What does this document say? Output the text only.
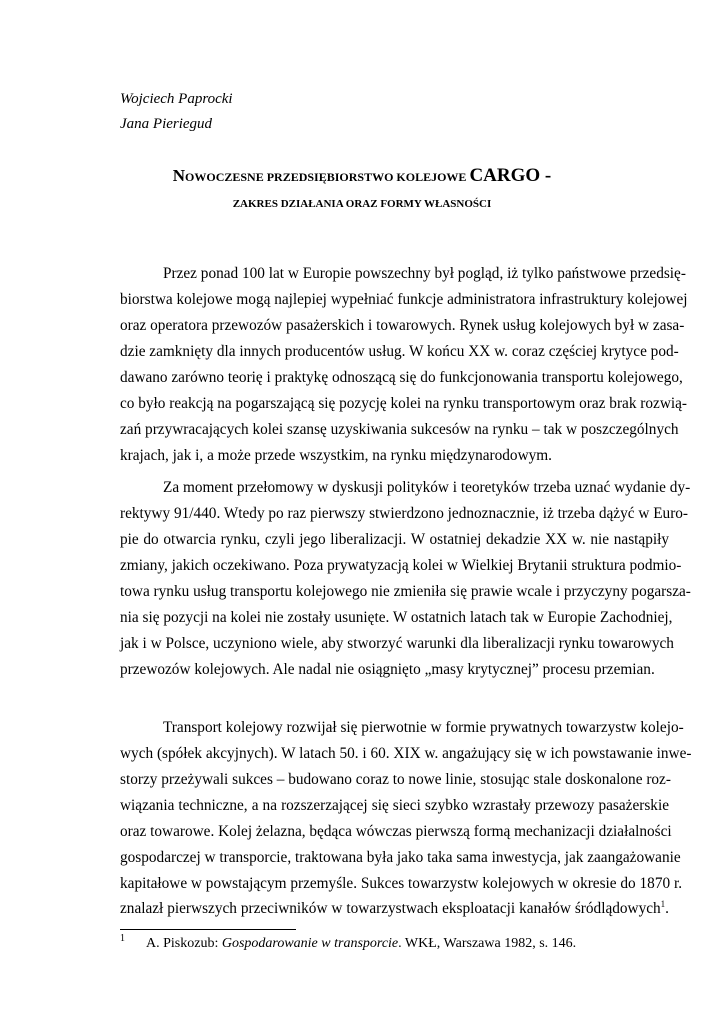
Wojciech Paprocki
Jana Pieriegud
NOWOCZESNE PRZEDSIĘBIORSTWO KOLEJOWE CARGO -
ZAKRES DZIAŁANIA ORAZ FORMY WŁASNOŚCI
Przez ponad 100 lat w Europie powszechny był pogląd, iż tylko państwowe przedsię-
biorstwa kolejowe mogą najlepiej wypełniać funkcje administratora infrastruktury kolejowej
oraz operatora przewozów pasażerskich i towarowych. Rynek usług kolejowych był w zasa-
dzie zamknięty dla innych producentów usług. W końcu XX w. coraz częściej krytyce pod-
dawano zarówno teorię i praktykę odnoszącą się do funkcjonowania transportu kolejowego,
co było reakcją na pogarszającą się pozycję kolei na rynku transportowym oraz brak rozwią-
zań przywracających kolei szansę uzyskiwania sukcesów na rynku – tak w poszczególnych
krajach, jak i, a może przede wszystkim, na rynku międzynarodowym.
Za moment przełomowy w dyskusji polityków i teoretyków trzeba uznać wydanie dy-
rektywy 91/440. Wtedy po raz pierwszy stwierdzono jednoznacznie, iż trzeba dążyć w Euro-
pie do otwarcia rynku, czyli jego liberalizacji. W ostatniej dekadzie XX w. nie nastąpiły
zmiany, jakich oczekiwano. Poza prywatyzacją kolei w Wielkiej Brytanii struktura podmio-
towa rynku usług transportu kolejowego nie zmieniła się prawie wcale i przyczyny pogarsza-
nia się pozycji na kolei nie zostały usunięte. W ostatnich latach tak w Europie Zachodniej,
jak i w Polsce, uczyniono wiele, aby stworzyć warunki dla liberalizacji rynku towarowych
przewozów kolejowych. Ale nadal nie osiągnięto „masy krytycznej” procesu przemian.
Transport kolejowy rozwijał się pierwotnie w formie prywatnych towarzystw kolejo-
wych (spółek akcyjnych). W latach 50. i 60. XIX w. angażujący się w ich powstawanie inwe-
storzy przeżywali sukces – budowano coraz to nowe linie, stosując stale doskonalone roz-
wiązania techniczne, a na rozszerzającej się sieci szybko wzrastały przewozy pasażerskie
oraz towarowe. Kolej żelazna, będąca wówczas pierwszą formą mechanizacji działalności
gospodarczej w transporcie, traktowana była jako taka sama inwestycja, jak zaangażowanie
kapitałowe w powstającym przemyśle. Sukces towarzystw kolejowych w okresie do 1870 r.
znalazł pierwszych przeciwników w towarzystwach eksploatacji kanałów śródlądowych$^1$.
1 A. Piskozub: Gospodarowanie w transporcie. WKŁ, Warszawa 1982, s. 146.
